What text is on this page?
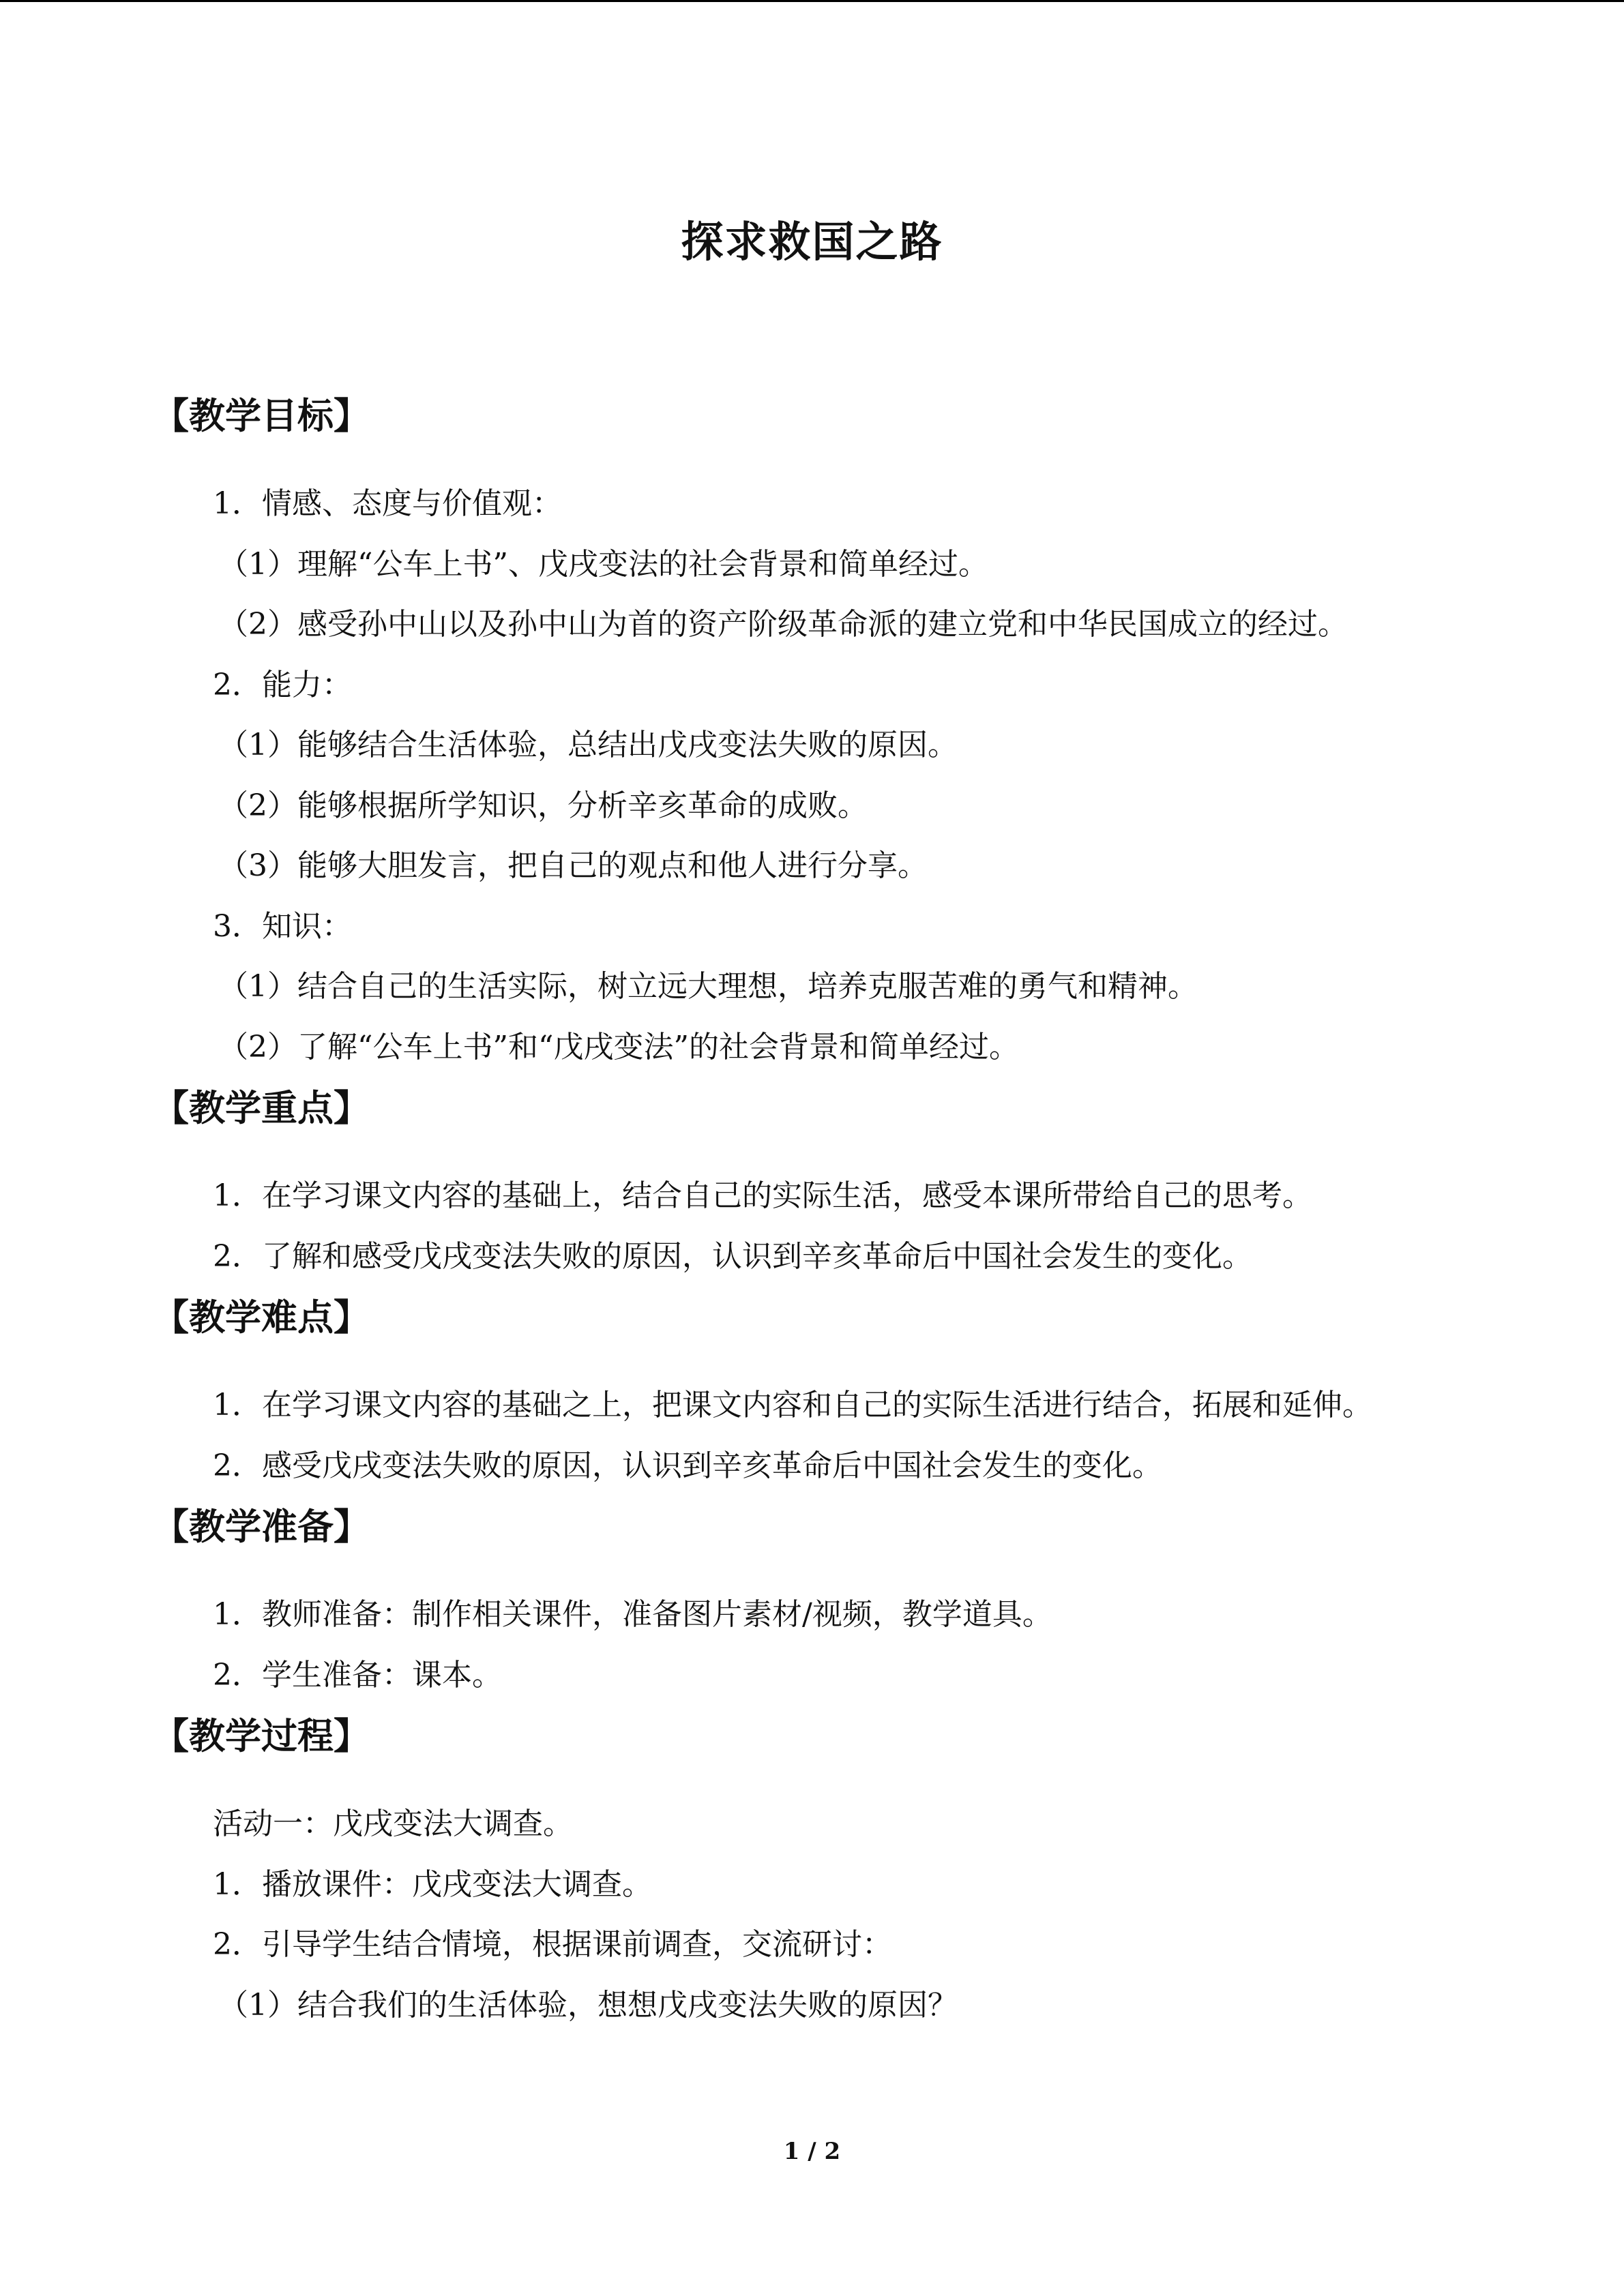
探求救国之路
【教学目标】
1．情感、态度与价值观：
（1）理解“公车上书”、戊戌变法的社会背景和简单经过。
（2）感受孙中山以及孙中山为首的资产阶级革命派的建立党和中华民国成立的经过。
2．能力：
（1）能够结合生活体验，总结出戊戌变法失败的原因。
（2）能够根据所学知识，分析辛亥革命的成败。
（3）能够大胆发言，把自己的观点和他人进行分享。
3．知识：
（1）结合自己的生活实际，树立远大理想，培养克服苦难的勇气和精神。
（2）了解“公车上书”和“戊戌变法”的社会背景和简单经过。
【教学重点】
1．在学习课文内容的基础上，结合自己的实际生活，感受本课所带给自己的思考。
2．了解和感受戊戌变法失败的原因，认识到辛亥革命后中国社会发生的变化。
【教学难点】
1．在学习课文内容的基础之上，把课文内容和自己的实际生活进行结合，拓展和延伸。
2．感受戊戌变法失败的原因，认识到辛亥革命后中国社会发生的变化。
【教学准备】
1．教师准备：制作相关课件，准备图片素材/视频，教学道具。
2．学生准备：课本。
【教学过程】
活动一：戊戌变法大调查。
1．播放课件：戊戌变法大调查。
2．引导学生结合情境，根据课前调查，交流研讨：
（1）结合我们的生活体验，想想戊戌变法失败的原因？
1 / 2
